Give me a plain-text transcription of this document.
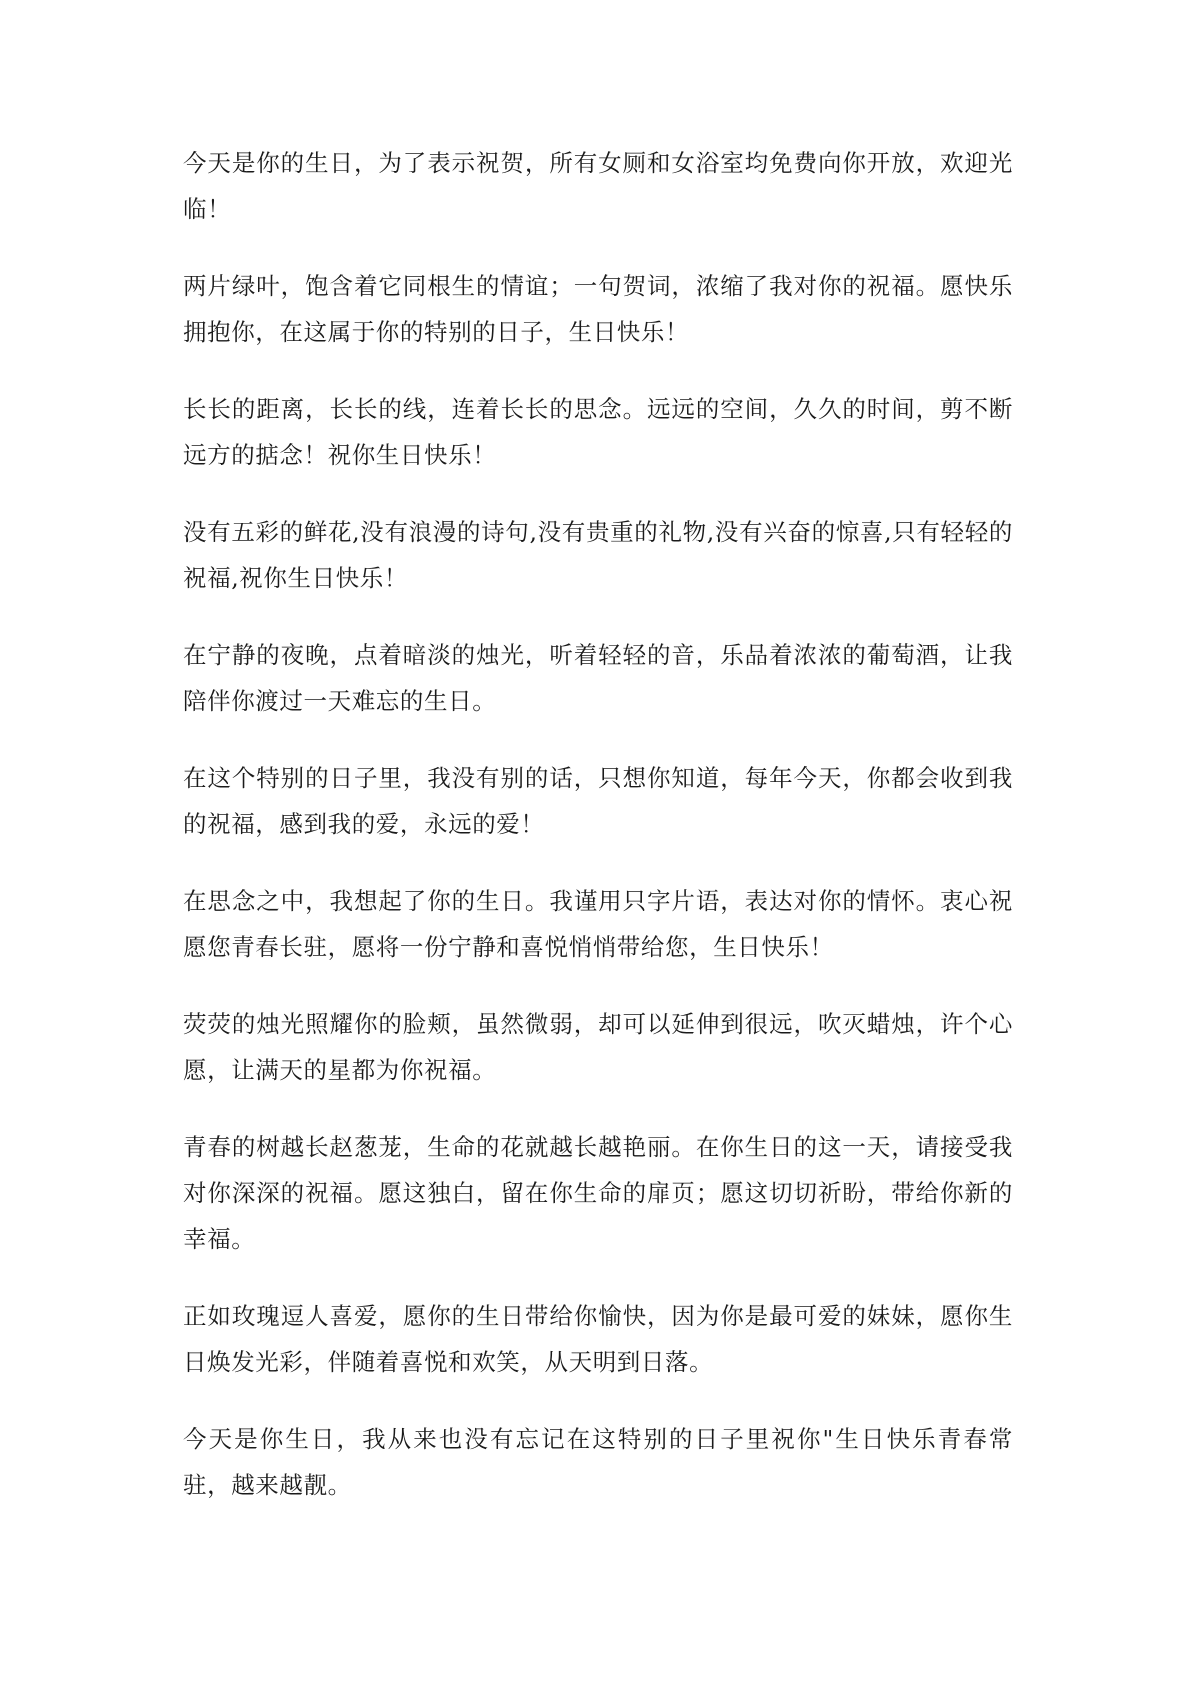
今天是你的生日，为了表示祝贺，所有女厕和女浴室均免费向你开放，欢迎光临！

两片绿叶，饱含着它同根生的情谊；一句贺词，浓缩了我对你的祝福。愿快乐拥抱你，在这属于你的特别的日子，生日快乐！

长长的距离，长长的线，连着长长的思念。远远的空间，久久的时间，剪不断远方的掂念！祝你生日快乐！

没有五彩的鲜花,没有浪漫的诗句,没有贵重的礼物,没有兴奋的惊喜,只有轻轻的祝福,祝你生日快乐！

在宁静的夜晚，点着暗淡的烛光，听着轻轻的音，乐品着浓浓的葡萄酒，让我陪伴你渡过一天难忘的生日。

在这个特别的日子里，我没有别的话，只想你知道，每年今天，你都会收到我的祝福，感到我的爱，永远的爱！

在思念之中，我想起了你的生日。我谨用只字片语，表达对你的情怀。衷心祝愿您青春长驻，愿将一份宁静和喜悦悄悄带给您，生日快乐！

荧荧的烛光照耀你的脸颊，虽然微弱，却可以延伸到很远，吹灭蜡烛，许个心愿，让满天的星都为你祝福。

青春的树越长赵葱茏，生命的花就越长越艳丽。在你生日的这一天，请接受我对你深深的祝福。愿这独白，留在你生命的扉页；愿这切切祈盼，带给你新的幸福。

正如玫瑰逗人喜爱，愿你的生日带给你愉快，因为你是最可爱的妹妹，愿你生日焕发光彩，伴随着喜悦和欢笑，从天明到日落。

今天是你生日，我从来也没有忘记在这特别的日子里祝你"生日快乐青春常驻，越来越靓。
